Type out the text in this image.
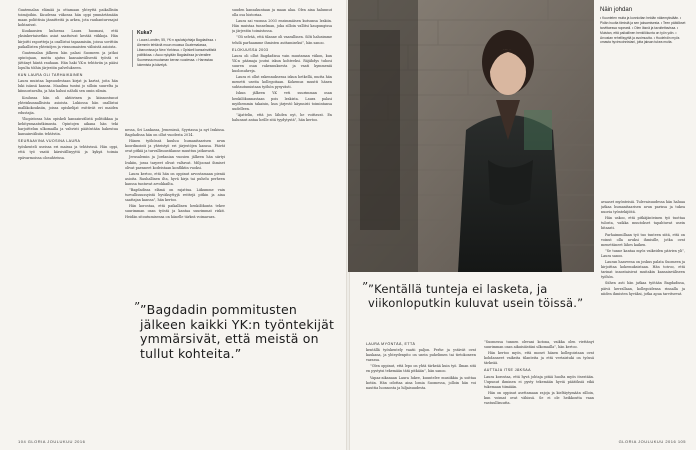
Guatemalan elämää ja ottamaan yhteyttä paikallisiin toimijoihin. Kuudessa viikossa hän oppi ymmärtämään maan poliittisia jännitteitä ja arkea, jota rauhanturvaajat kohtasivat.

Kuukausien kuluessa Laura huomasi, että yksinkertaisetkin asiat saattoivat kestää viikkoja. Hän kirjoitti raportteja ja osallistui tapaamisiin, joissa sovittiin paikallisten yhteisöjen ja viranomaisten välisistä asioista.

Guatemalan jälkeen hän palasi Suomeen ja jatkoi opintojaan, mutta ajatus kansainvälisestä työstä ei jättänyt häntä rauhaan. Hän haki YK:n tehtäviin ja pääsi lopulta töihin järjestön palvelukseen.

KUN LAURA OLI TARHAIKÄINEN

Laura muistaa lapsuudestaan kirjat ja kartat, joita hän luki isänsä kanssa. Maailma tuntui jo silloin suurelta ja kiinnostavalta, ja hän halusi nähdä sen omin silmin.

Koulussa hän oli aktiivinen ja kiinnostunut yhteiskunnallisista asioista. Lukiossa hän osallistui mallikokouksiin, joissa opiskelijat esittivät eri maiden edustajia.

Yliopistossa hän opiskeli kansainvälistä politiikkaa ja kehitysmaatutkimusta. Opintojen aikana hän teki harjoittelun ulkomailla ja vahvisti päätöstään hakeutua kansainvälisiin tehtäviin.

SEURAAVINA VUOSINA LAURA

työskenteli useissa eri maissa ja tehtävissä. Hän oppi, että työ vaatii kärsivällisyyttä ja kykyä toimia epävarmoissa olosuhteissa.

Kuka?
• Laura Londén, 55, YK:n apulaisjohtaja Bagdadissa. • Aiemmin tehtäviä muun muassa Guatemalassa, Libanonissa ja New Yorkissa. • Opiskeli kansainvälistä politiikkaa. • Asuu nykyään Bagdadissa ja vierailee Suomessa muutaman kerran vuodessa. • Harrastaa lukemista ja kävelyä.

nessa, Sri Lankassa, Jemenissä, Syyriassa ja nyt Irakissa. Bagdadissa hän on ollut vuodesta 2014.

Hänen työhönsä kuuluu humanitaarisen avun koordinointi ja yhteistyö eri järjestöjen kanssa. Päivät ovat pitkiä ja turvallisuustilanne muuttuu jatkuvasti.

Jerusalemin ja Jordanian vuosien jälkeen hän siirtyi Irakiin, jossa tarpeet olivat valtavat. Miljoonat ihmiset olivat paenneet kodeistaan konfliktin vuoksi.

Laura kertoo, että hän on oppinut arvostamaan pieniä asioita. Rauhallinen ilta, hyvä kirja tai puhelu perheen kanssa tuntuvat arvokkailta.

”Bagdadissa elämä on rajattua. Liikumme vain turvallisuussyistä hyväksyttyjä reittejä pitkin ja aina saattajan kanssa”, hän kertoo.

Hän korostaa, että paikallinen henkilökunta tekee suurimman osan työstä ja kantaa suurimmat riskit. Heidän sitoutumisensa on hänelle tärkeä voimavara.

suuden kansakuntaan ja maan alaa. Olen aina halunnut olla osa historiaa.

Laura sai vuonna 2003 ensimmäisen kutsunsa Irakiin. Hän muistaa tunnelman, joka silloin vallitsi kaupungissa ja järjestön toimistossa.

”Oli selvää, että tilanne oli vaarallinen. Silti halusimme tehdä parhaamme ihmisten auttamiseksi”, hän sanoo.

ELOKUUSSA 2003

Laura oli ollut Bagdadissa vain muutaman viikon, kun YK:n päämaja joutui iskun kohteeksi. Räjähdys tuhosi suuren osan rakennuksesta ja vaati kymmeniä kuolonuhreja.

Laura ei ollut rakennuksessa iskun hetkellä, mutta hän menetti useita kollegoitaan. Kokemus muutti hänen suhtautumistaan työhön pysyvästi.

Iskun jälkeen YK veti suurimman osan henkilökunnastaan pois Irakista. Laura palasi myöhemmin takaisin, kun järjestö käynnisti toimintansa uudelleen.

”Ajattelin, että jos lähden nyt, he voittavat. En halunnut antaa heille sitä tyydytystä”, hän kertoo.

” ”Bagdadin pommitusten jälkeen kaikki YK:n työntekijät ymmärsivät, että meistä on tullut kohteita.”
104 GLORIA JOULUKUU 2016
Näin johdan
• Kuuntelen muita ja kunnioitan heidän näkemyksiään. • Pidän huolta tiimistä ja sen jaksamisesta. • Teen päätökset tarvittaessa nopeasti. • Olen läsnä ja tavoitettavissa. • Muistan, että paikallinen henkilökunta on työn ydin. • Arvostan rehellisyyttä ja avoimuutta. • Huolehdin myös omasta hyvinvoinnistani, jotta jaksan tukea muita.
” ”Kentällä tunteja ei lasketa, ja viikonloputkin kuluvat usein töissä.”
LAURA MYÖNTÄÄ, ETTÄ

kentällä työskentely vaatii paljon. Perhe ja ystävät ovat kaukana, ja yhteydenpito on usein puhelimen tai tietokoneen varassa.

”Olen oppinut, että lepo on yhtä tärkeää kuin työ. Ilman sitä en pystyisi tekemään tätä pitkään”, hän sanoo.

Vapaa-aikanaan Laura lukee, kuuntelee musiikkia ja soittaa kotiin. Hän odottaa aina lomia Suomessa, jolloin hän voi nauttia luonnosta ja hiljaisuudesta.

”Suomessa tunnen olevani kotona, vaikka olen viettänyt suurimman osan aikuisiästäni ulkomailla”, hän kertoo.

Hän kertoo myös, että monet hänen kollegoistaan ovat kohdanneet vaikeita tilanteita ja että vertaistuki on työssä tärkeää.

AUTTAJA ITSE JÄKSAA

Laura korostaa, että hyvä johtaja pitää huolta myös itsestään. Uupunut ihminen ei pysty tekemään hyviä päätöksiä eikä tukemaan tiimiään.

Hän on oppinut asettamaan rajoja ja kieltäytymään silloin, kun voimat ovat vähissä. Se ei ole heikkoutta vaan vastuullisuutta.

avaaset myönteisiä. Tulevaisuudessa hän haluaa jatkaa humanitaarisen avun parissa ja tukea nuoria työntekijöitä.

Hän uskoo, että pitkäjänteinen työ tuottaa tulosta, vaikka muutokset tapahtuvat usein hitaasti.

Parhaimmillaan työ tuo tunteen siitä, että on voinut olla avuksi ihmisille, jotka ovat menettäneet lähes kaiken.

”Se tunne kantaa myös vaikeiden päivien yli”, Laura sanoo.

Lauran haaveena on joskus palata Suomeen ja kirjoittaa kokemuksistaan. Hän toivoo, että tarinat innostaisivat muitakin kansainväliseen työhön.

Siihen asti hän jatkaa työtään Bagdadissa, päivä kerrallaan, kollegoidensa rinnalla ja niiden ihmisten hyväksi, jotka apua tarvitsevat.

GLORIA JOULUKUU 2016 105
